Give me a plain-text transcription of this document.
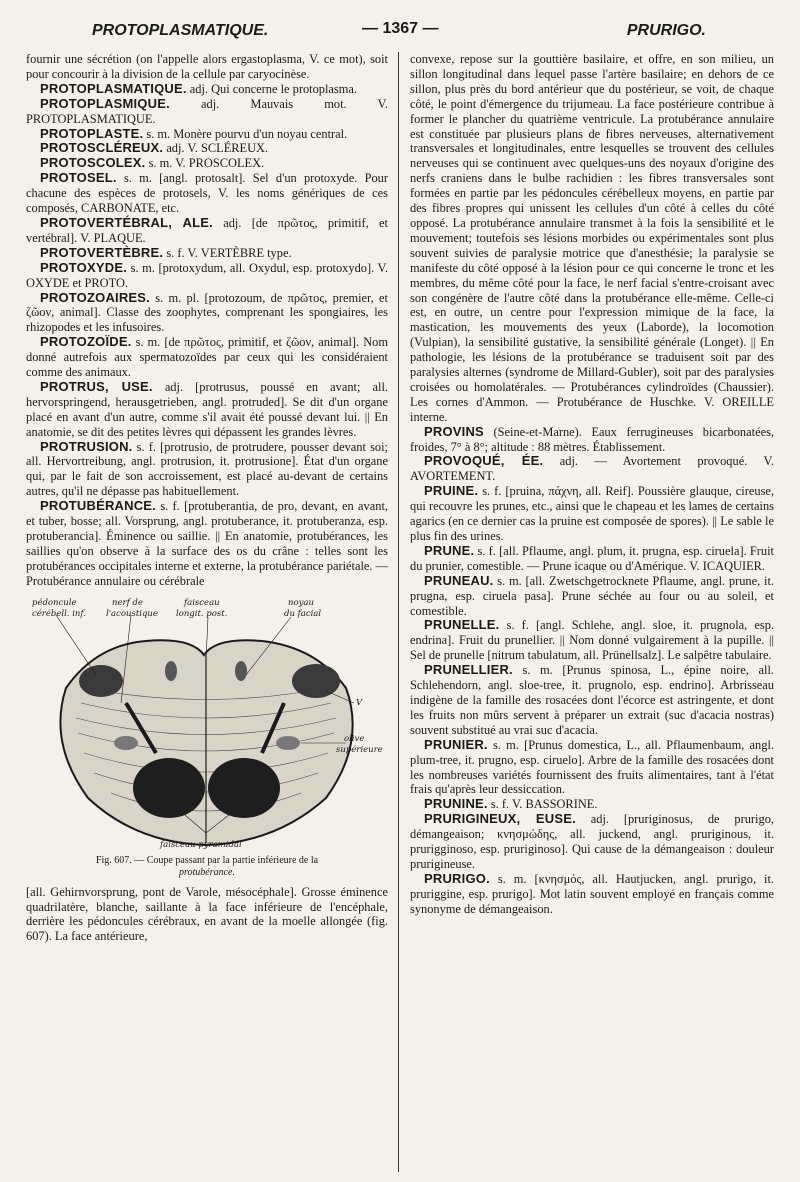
PROTOPLASMATIQUE.	— 1367 —	PRURIGO.

fournir une sécrétion (on l'appelle alors ergastoplasma, V. ce mot), soit pour concourir à la division de la cellule par caryocinèse.

PROTOPLASMATIQUE. adj. Qui concerne le protoplasma.

PROTOPLASMIQUE.	adj. Mauvais mot. V. PROTOPLASMATIQUE.

PROTOPLASTE. s. m. Monère pourvu d'un noyau central.

PROTOSCLÉREUX. adj. V. SCLÉREUX.

PROTOSCOLEX. s. m. V. PROSCOLEX.

PROTOSEL. s. m. [angl. protosalt]. Sel d'un protoxyde. Pour chacune des espèces de protosels, V. les noms génériques de ces composés, CARBONATE, etc.

PROTOVERTÉBRAL, ALE. adj. [de πρῶτος, primitif, et vertébral]. V. PLAQUE.

PROTOVERTÈBRE. s. f. V. VERTÈBRE type.

PROTOXYDE. s. m. [protoxydum, all. Oxydul, esp. protoxydo]. V. OXYDE et PROTO.

PROTOZOAIRES. s. m. pl. [protozoum, de πρῶτος, premier, et ζῶον, animal]. Classe des zoophytes, comprenant les spongiaires, les rhizopodes et les infusoires.

PROTOZOÏDE. s. m. [de πρῶτος, primitif, et ζῶον, animal]. Nom donné autrefois aux spermatozoïdes par ceux qui les considéraient comme des animaux.

PROTRUS, USE. adj. [protrusus, poussé en avant; all. hervorspringend, herausgetrieben, angl. protruded]. Se dit d'un organe placé en avant d'un autre, comme s'il avait été poussé devant lui. || En anatomie, se dit des petites lèvres qui dépassent les grandes lèvres.

PROTRUSION. s. f. [protrusio, de protrudere, pousser devant soi; all. Hervortreibung, angl. protrusion, it. protrusione]. État d'un organe qui, par le fait de son accroissement, est placé au-devant de certains autres, qu'il ne dépasse pas habituellement.

PROTUBÉRANCE. s. f. [protuberantia, de pro, devant, en avant, et tuber, bosse; all. Vorsprung, angl. protuberance, it. protuberanza, esp. protuberancia]. Éminence ou saillie. || En anatomie, protubérances, les saillies qu'on observe à la surface des os du crâne : telles sont les protubérances occipitales interne et externe, la protubérance pariétale. — Protubérance annulaire ou cérébrale

pédoncule
cérébell. inf.
nerf de
l'acoustique
faisceau
longit. post.
noyau
du facial
V
olive
supérieure
faisceau pyramidal
Fig. 607. — Coupe passant par la partie inférieure de la
protubérance.

[all. Gehirnvorsprung, pont de Varole, mésocéphale]. Grosse éminence quadrilatère, blanche, saillante à la face inférieure de l'encéphale, derrière les pédoncules cérébraux, en avant de la moelle allongée (fig. 607). La face antérieure,

convexe, repose sur la gouttière basilaire, et offre, en son milieu, un sillon longitudinal dans lequel passe l'artère basilaire; en dehors de ce sillon, plus près du bord antérieur que du postérieur, se voit, de chaque côté, le point d'émergence du trijumeau. La face postérieure contribue à former le plancher du quatrième ventricule. La protubérance annulaire est constituée par plusieurs plans de fibres nerveuses, alternativement transversales et longitudinales, entre lesquelles se trouvent des cellules nerveuses qui se continuent avec quelques-uns des noyaux d'origine des nerfs craniens dans le bulbe rachidien : les fibres transversales sont formées en partie par les pédoncules cérébelleux moyens, en partie par des fibres propres qui unissent les cellules d'un côté à celles du côté opposé. La protubérance annulaire transmet à la fois la sensibilité et le mouvement; toutefois ses lésions morbides ou expérimentales sont plus souvent suivies de paralysie motrice que d'anesthésie; la paralysie se manifeste du côté opposé à la lésion pour ce qui concerne le tronc et les membres, du même côté pour la face, le nerf facial s'entre-croisant avec son congénère de l'autre côté dans la protubérance elle-même. Celle-ci est, en outre, un centre pour l'expression mimique de la face, la mastication, les mouvements des yeux (Laborde), la locomotion (Vulpian), la sensibilité gustative, la sensibilité générale (Longet). || En pathologie, les lésions de la protubérance se traduisent soit par des paralysies alternes (syndrome de Millard-Gubler), soit par des paralysies croisées ou homolatérales. — Protubérances cylindroïdes (Chaussier). Les cornes d'Ammon. — Protubérance de Huschke. V. OREILLE interne.

PROVINS (Seine-et-Marne). Eaux ferrugineuses bicarbonatées, froides, 7° à 8°; altitude : 88 mètres. Établissement.

PROVOQUÉ, ÉE. adj. — Avortement provoqué. V. AVORTEMENT.

PRUINE. s. f. [pruina, πάχνη, all. Reif]. Poussière glauque, cireuse, qui recouvre les prunes, etc., ainsi que le chapeau et les lames de certains agarics (en ce dernier cas la pruine est composée de spores). || Le sable le plus fin des urines.

PRUNE. s. f. [all. Pflaume, angl. plum, it. prugna, esp. ciruela]. Fruit du prunier, comestible. — Prune icaque ou d'Amérique. V. ICAQUIER.

PRUNEAU. s. m. [all. Zwetschgetrocknete Pflaume, angl. prune, it. prugna, esp. ciruela pasa]. Prune séchée au four ou au soleil, et comestible.

PRUNELLE. s. f. [angl. Schlehe, angl. sloe, it. prugnola, esp. endrina]. Fruit du prunellier. || Nom donné vulgairement à la pupille. || Sel de prunelle [nitrum tabulatum, all. Prünellsalz]. Le salpêtre tabulaire.

PRUNELLIER. s. m. [Prunus spinosa, L., épine noire, all. Schlehendorn, angl. sloe-tree, it. prugnolo, esp. endrino]. Arbrisseau indigène de la famille des rosacées dont l'écorce est astringente, et dont les fruits non mûrs servent à préparer un extrait (suc d'acacia nostras) souvent substitué au vrai suc d'acacia.

PRUNIER. s. m. [Prunus domestica, L., all. Pflaumenbaum, angl. plum-tree, it. prugno, esp. ciruelo]. Arbre de la famille des rosacées dont les nombreuses variétés fournissent des fruits alimentaires, tant à l'état frais qu'après leur dessiccation.

PRUNINE. s. f. V. BASSORINE.

PRURIGINEUX, EUSE. adj. [pruriginosus, de prurigo, démangeaison; κνησμώδης, all. juckend, angl. pruriginous, it. prurigginoso, esp. pruriginoso]. Qui cause de la démangeaison : douleur prurigineuse.

PRURIGO. s. m. [κνησμός, all. Hautjucken, angl. prurigo, it. pruriggine, esp. prurigo]. Mot latin souvent employé en français comme synonyme de démangeaison.
